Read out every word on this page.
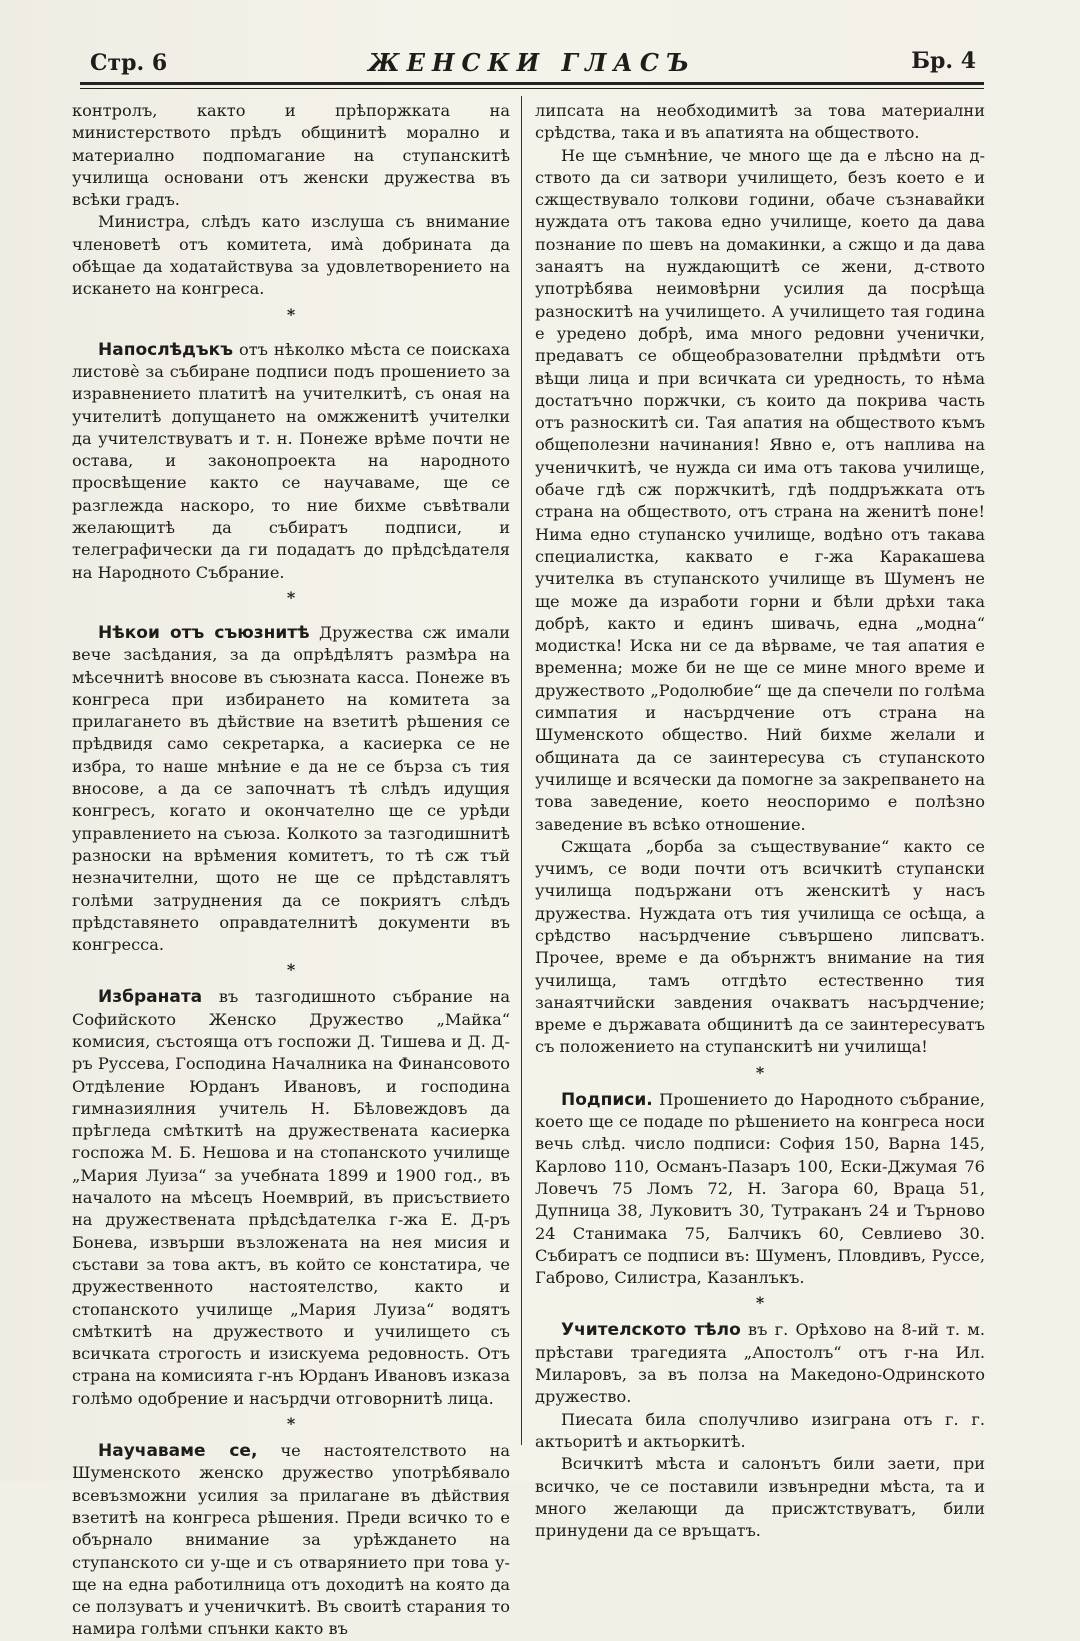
Стр. 6	ЖЕНСКИ ГЛАСЪ	Бр. 4

контролъ, както и прѣпоржката на министерството прѣдъ общинитѣ морално и материално подпомагание на ступанскитѣ училища основани отъ женски дружества въ всѣки градъ.

Министра, слѣдъ като изслуша съ внимание членоветѣ отъ комитета, имà добрината да обѣщае да ходатайствува за удовлетворението на искането на конгреса.

*

Напослѣдъкъ отъ нѣколко мѣста се поискаха листовѐ за събиране подписи подъ прошението за изравнението платитѣ на учителкитѣ, съ оная на учителитѣ допущането на омжженитѣ учителки да учителствуватъ и т. н. Понеже врѣме почти не остава, и законопроекта на народното просвѣщение както се научаваме, ще се разглежда наскоро, то ние бихме съвѣтвали желающитѣ да събиратъ подписи, и телеграфически да ги подадатъ до прѣдсѣдателя на Народното Събрание.

*

Нѣкои отъ съюзнитѣ Дружества сж имали вече засѣдания, за да опрѣдѣлятъ размѣра на мѣсечнитѣ вносове въ съюзната касса. Понеже въ конгреса при избирането на комитета за прилагането въ дѣйствие на взетитѣ рѣшения се прѣдвидя само секретарка, а касиерка се не избра, то наше мнѣние е да не се бърза съ тия вносове, а да се започнатъ тѣ слѣдъ идущия конгресъ, когато и окончателно ще се урѣди управлението на съюза. Колкото за тазгодишнитѣ разноски на врѣмения комитетъ, то тѣ сж тъй незначителни, щото не ще се прѣдставлятъ голѣми затруднения да се покриятъ слѣдъ прѣдставянето оправдателнитѣ документи въ конгресса.

*

Избраната въ тазгодишното събрание на Софийското Женско Дружество „Майка“ комисия, състояща отъ госпожи Д. Тишева и Д. Д-ръ Руссева, Господина Началника на Финансовото Отдѣление Юрданъ Ивановъ, и господина гимназиялния учитель Н. Бѣловеждовъ да прѣгледа смѣткитѣ на дружествената касиерка госпожа М. Б. Нешова и на стопанското училище „Мария Луиза“ за учебната 1899 и 1900 год., въ началото на мѣсецъ Ноемврий, въ присъствието на дружествената прѣдсѣдателка г-жа Е. Д-ръ Бонева, извърши възложената на нея мисия и състави за това актъ, въ който се констатира, че дружественното настоятелство, както и стопанското училище „Мария Луиза“ водятъ смѣткитѣ на дружеството и училището съ всичката строгость и изискуема редовность. Отъ страна на комисията г-нъ Юрданъ Ивановъ изказа голѣмо одобрение и насърдчи отговорнитѣ лица.

*

Научаваме се, че настоятелството на Шуменското женско дружество употрѣбявало всевъзможни усилия за прилагане въ дѣйствия взетитѣ на конгреса рѣшения. Преди всичко то е обърнало внимание за урѣждането на ступанското си у-ще и съ отварянието при това у-ще на една работилница отъ доходитѣ на която да се ползуватъ и ученичкитѣ. Въ своитѣ старания то намира голѣми спънки както въ

липсата на необходимитѣ за това материални срѣдства, така и въ апатията на обществото.

Не ще съмнѣние, че много ще да е лѣсно на д-ството да си затвори училището, безъ което е и сжществувало толкови години, обаче съзнавайки нуждата отъ такова едно училище, което да дава познание по шевъ на домакинки, а сжщо и да дава занаятъ на нуждающитѣ се жени, д-ството употрѣбява неимовѣрни усилия да посрѣща разноскитѣ на училището. А училището тая година е уредено добрѣ, има много редовни ученички, предаватъ се общеобразователни прѣдмѣти отъ вѣщи лица и при всичката си уредность, то нѣма достатъчно поржчки, съ които да покрива часть отъ разноскитѣ си. Тая апатия на обществото къмъ общеполезни начинания! Явно е, отъ наплива на ученичкитѣ, че нужда си има отъ такова училище, обаче гдѣ сж поржчкитѣ, гдѣ поддръжката отъ страна на обществото, отъ страна на женитѣ поне! Нима едно ступанско училище, водѣно отъ такава специалистка, каквато е г-жа Каракашева учителка въ ступанското училище въ Шуменъ не ще може да изработи горни и бѣли дрѣхи така добрѣ, както и единъ шивачь, една „модна“ модистка! Иска ни се да вѣрваме, че тая апатия е временна; може би не ще се мине много време и дружеството „Родолюбие“ ще да спечели по голѣма симпатия и насърдчение отъ страна на Шуменското общество. Ний бихме желали и общината да се заинтересува съ ступанското училище и всячески да помогне за закрепването на това заведение, което неоспоримо е полѣзно заведение въ всѣко отношение.

Сжщата „борба за съществувание“ както се учимъ, се води почти отъ всичкитѣ ступански училища подържани отъ женскитѣ у насъ дружества. Нуждата отъ тия училища се осѣща, а срѣдство насърдчение съвършено липсватъ. Прочее, време е да обърнжтъ внимание на тия училища, тамъ отгдѣто естественно тия занаятчийски завдения очакватъ насърдчение; време е държавата общинитѣ да се заинтересуватъ съ положението на ступанскитѣ ни училища!

*

Подписи. Прошението до Народното събрание, което ще се подаде по рѣшението на конгреса носи вечь слѣд. число подписи: София 150, Варна 145, Карлово 110, Османъ-Пазаръ 100, Ески-Джумая 76 Ловечъ 75 Ломъ 72, Н. Загора 60, Враца 51, Дупница 38, Луковитъ 30, Тутраканъ 24 и Търново 24 Станимака 75, Балчикъ 60, Севлиево 30. Събиратъ се подписи въ: Шуменъ, Пловдивъ, Руссе, Габрово, Силистра, Казанлъкъ.

*

Учителското тѣло въ г. Орѣхово на 8-ий т. м. прѣстави трагедията „Апостолъ“ отъ г-на Ил. Миларовъ, за въ полза на Македоно-Одринското дружество.

Пиесата била сполучливо изиграна отъ г. г. актьоритѣ и актьоркитѣ.

Всичкитѣ мѣста и салонътъ били заети, при всичко, че се поставили извънредни мѣста, та и много желающи да присжтствуватъ, били принудени да се връщатъ.
